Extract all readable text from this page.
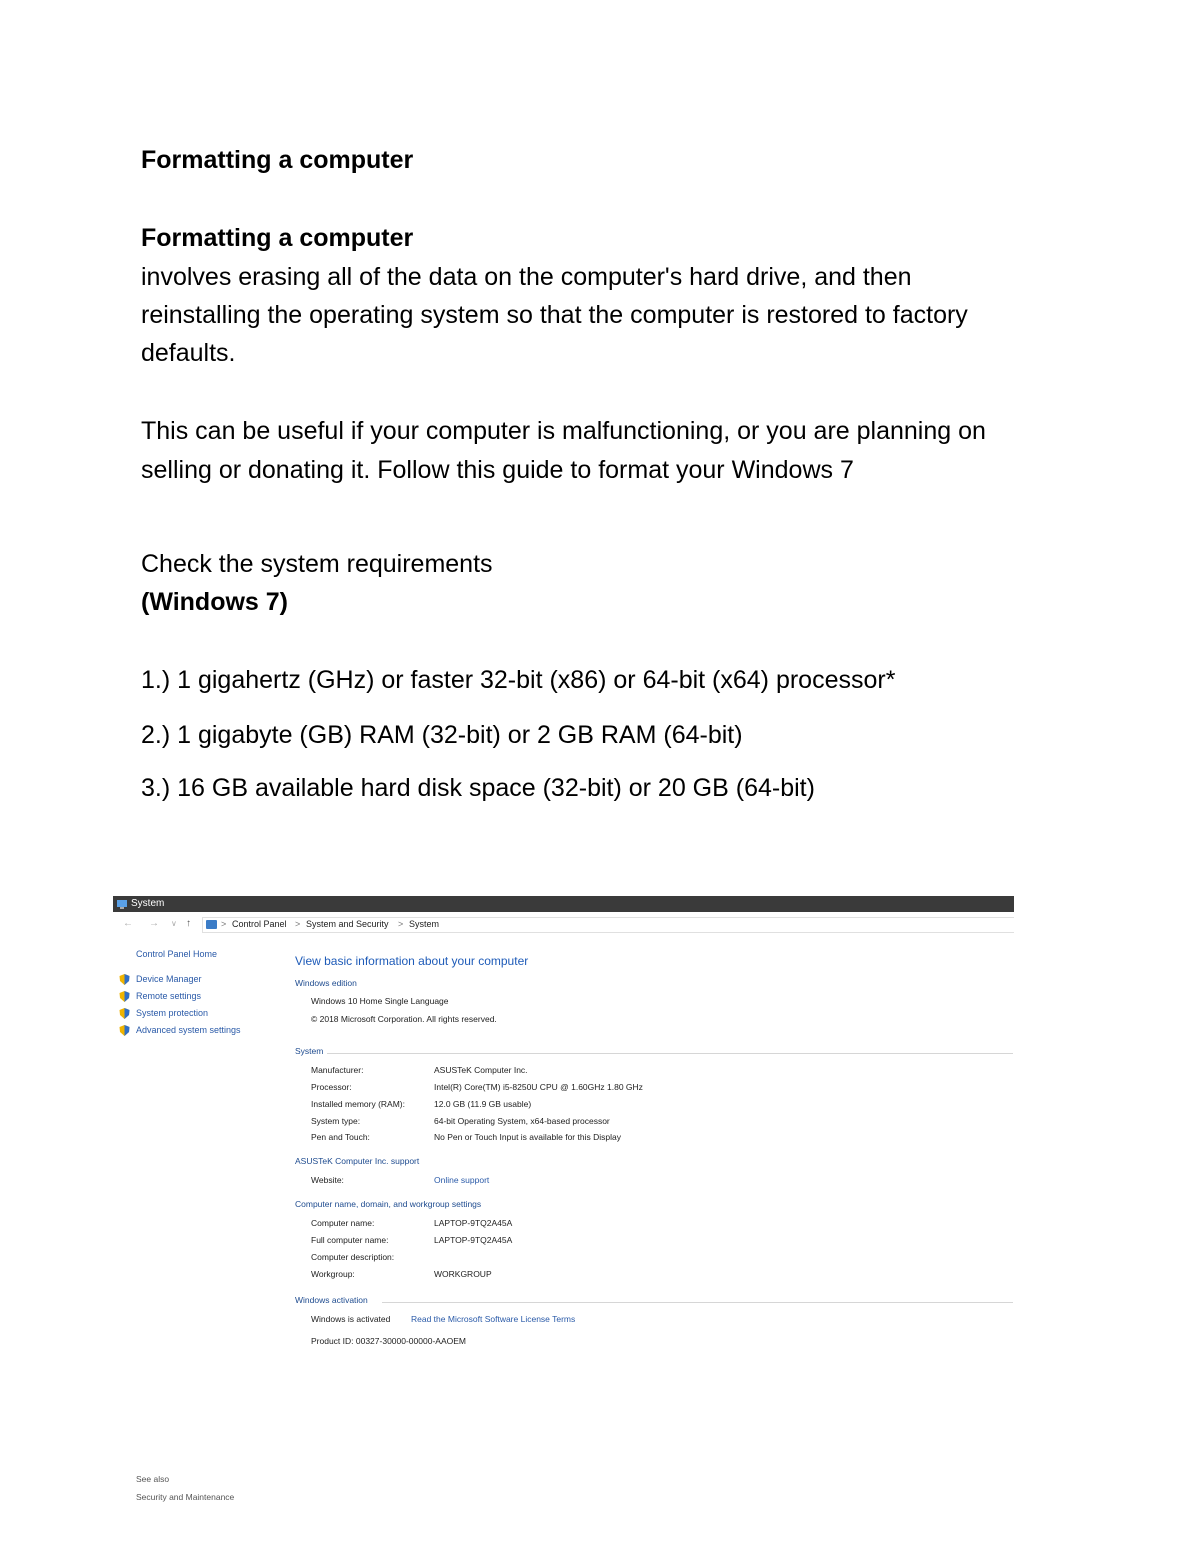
Formatting a computer
Formatting a computer
involves erasing all of the data on the computer's hard drive, and then
reinstalling the operating system so that the computer is restored to factory
defaults.
This can be useful if your computer is malfunctioning, or you are planning on
selling or donating it. Follow this guide to format your Windows 7
Check the system requirements
(Windows 7)
1.) 1 gigahertz (GHz) or faster 32-bit (x86) or 64-bit (x64) processor*
2.) 1 gigabyte (GB) RAM (32-bit) or 2 GB RAM (64-bit)
3.) 16 GB available hard disk space (32-bit) or 20 GB (64-bit)
System
← → ∨ ↑	> Control Panel > System and Security > System
Control Panel Home
Device Manager
Remote settings
System protection
Advanced system settings
View basic information about your computer
Windows edition
Windows 10 Home Single Language
© 2018 Microsoft Corporation. All rights reserved.
System
Manufacturer:	ASUSTeK Computer Inc.
Processor:	Intel(R) Core(TM) i5-8250U CPU @ 1.60GHz 1.80 GHz
Installed memory (RAM):	12.0 GB (11.9 GB usable)
System type:	64-bit Operating System, x64-based processor
Pen and Touch:	No Pen or Touch Input is available for this Display
ASUSTeK Computer Inc. support
Website:	Online support
Computer name, domain, and workgroup settings
Computer name:	LAPTOP-9TQ2A45A
Full computer name:	LAPTOP-9TQ2A45A
Computer description:
Workgroup:	WORKGROUP
Windows activation
Windows is activated Read the Microsoft Software License Terms
Product ID: 00327-30000-00000-AAOEM
See also
Security and Maintenance
